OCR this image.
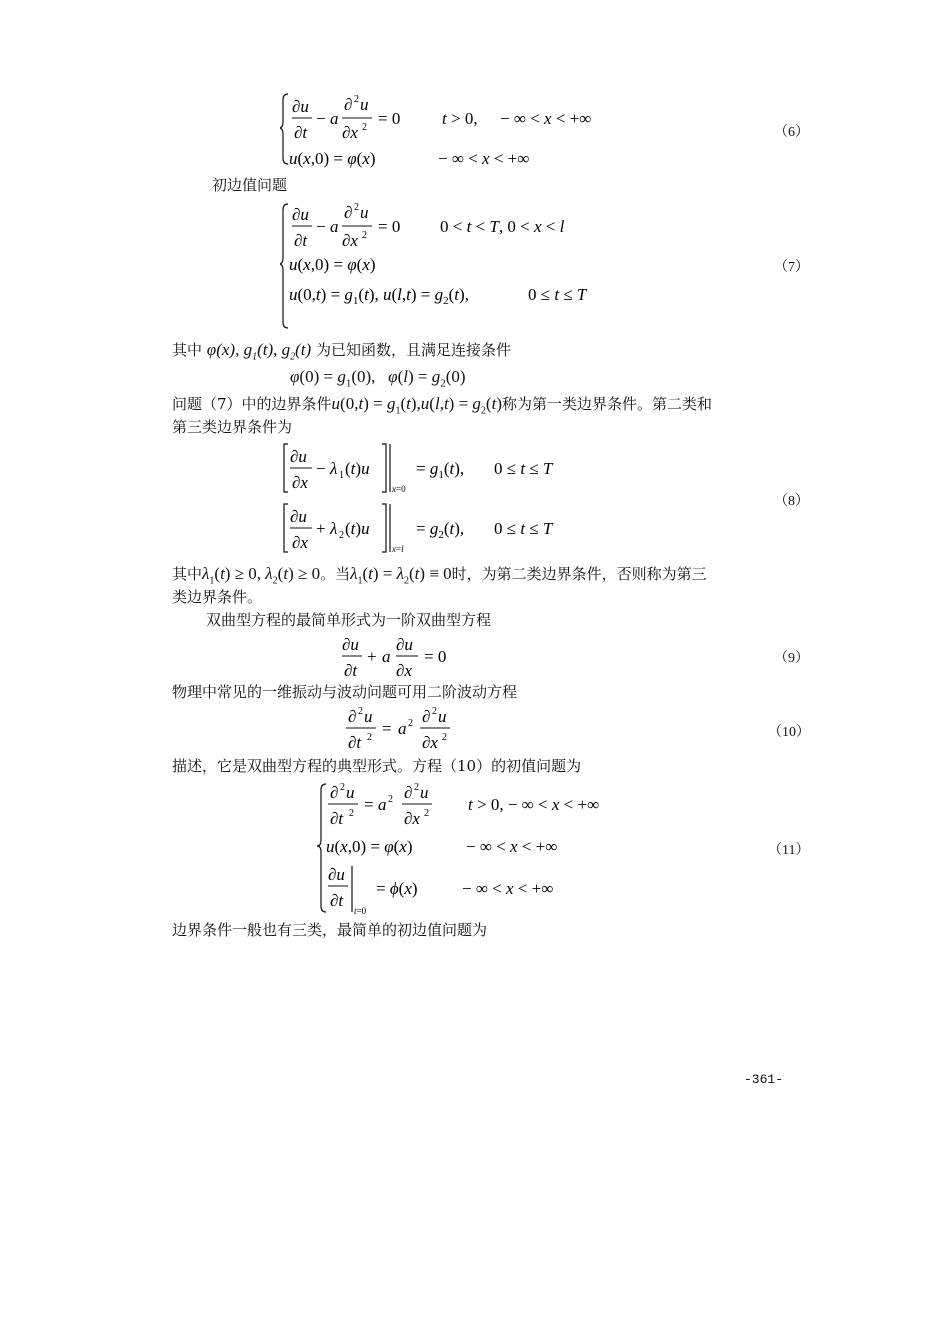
∂u
∂t
− a
∂ 2 u
∂x 2 = 0 t > 0, − ∞ < x < +∞
u(x,0) = φ(x)	− ∞ < x < +∞
（6）
初边值问题
∂u
∂t
− a
∂ 2 u
∂x 2 = 0 0 < t < T, 0 < x < l
u(x,0) = φ(x)
$u(0,t) = g_1(t)$, $u(l,t) = g_2(t)$,	0 ≤ t ≤ T
（7）
其中 φ(x), $g_1(t)$, $g_2(t)$ 为已知函数，且满足连接条件
$\varphi(0) = g_1(0)$,   $\varphi(l) = g_2(0)$
问题（7）中的边界条件$u(0,t) = g_1(t),u(l,t) = g_2(t)$称为第一类边界条件。第二类和
第三类边界条件为
∂u
∂x
− λ 1 (t)u
x=0
= $g_1(t)$, 0 ≤ t ≤ T
∂u
∂x
+ λ 2 (t)u
x=l
= $g_2(t)$, 0 ≤ t ≤ T
（8）
其中$\lambda_1(t) \ge 0$, $\lambda_2(t) \ge 0$。当$\lambda_1(t) = \lambda_2(t) \equiv 0$时，为第二类边界条件，否则称为第三
类边界条件。
双曲型方程的最简单形式为一阶双曲型方程
∂u
∂t
+ a
∂u
∂x
= 0	（9）
物理中常见的一维振动与波动问题可用二阶波动方程
∂ 2 u
∂t 2 = a 2 ∂ 2 u
∂x 2	（10）
描述，它是双曲型方程的典型形式。方程（10）的初值问题为
∂ 2 u
∂t 2 = a 2 ∂ 2 u
∂x 2 t > 0, − ∞ < x < +∞
u(x,0) = φ(x)	− ∞ < x < +∞
∂u
∂t
t=0
= ϕ(x)	− ∞ < x < +∞
（11）
边界条件一般也有三类，最简单的初边值问题为
-361-
